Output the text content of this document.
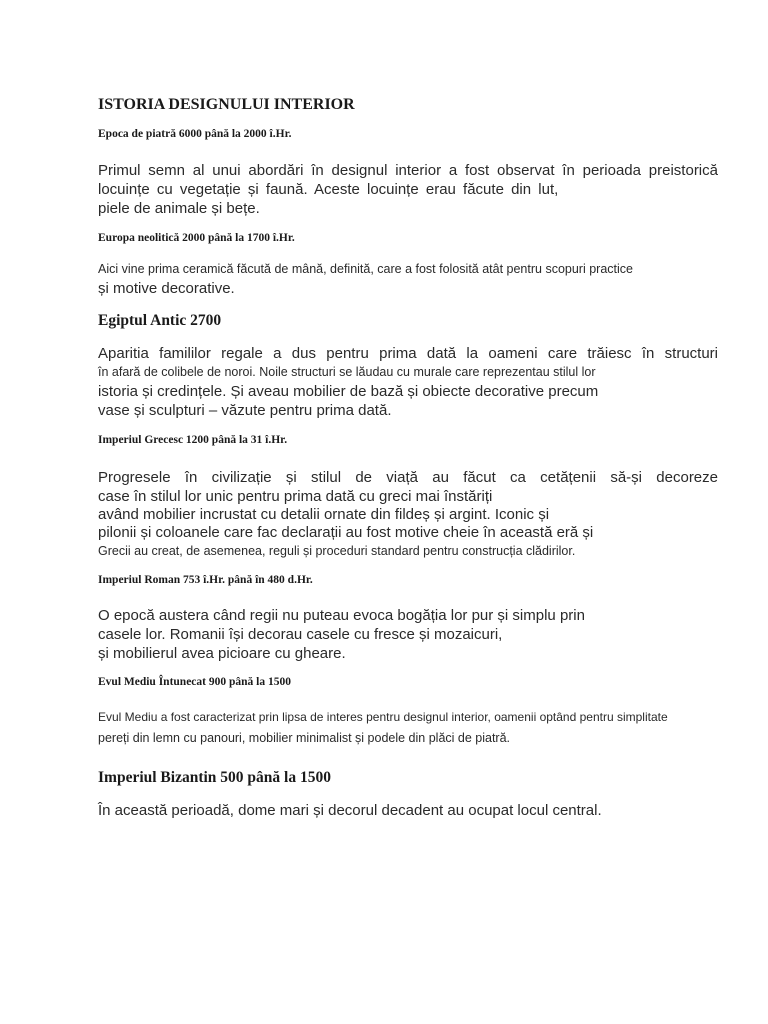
ISTORIA DESIGNULUI INTERIOR
Epoca de piatră 6000 până la 2000 î.Hr.

Primul semn al unui abordări în designul interior a fost observat în perioada preistorică
locuințe cu vegetație și faună. Aceste locuințe erau făcute din lut,
piele de animale și bețe.

Europa neolitică 2000 până la 1700 î.Hr.

Aici vine prima ceramică făcută de mână, definită, care a fost folosită atât pentru scopuri practice
și motive decorative.

Egiptul Antic 2700

Aparitia famililor regale a dus pentru prima dată la oameni care trăiesc în structuri
în afară de colibele de noroi. Noile structuri se lăudau cu murale care reprezentau stilul lor
istoria și credințele. Și aveau mobilier de bază și obiecte decorative precum
vase și sculpturi – văzute pentru prima dată.

Imperiul Grecesc 1200 până la 31 î.Hr.

Progresele în civilizație și stilul de viață au făcut ca cetățenii să-și decoreze
case în stilul lor unic pentru prima dată cu greci mai înstăriți
având mobilier incrustat cu detalii ornate din fildeș și argint. Iconic și
pilonii și coloanele care fac declarații au fost motive cheie în această eră și
Grecii au creat, de asemenea, reguli și proceduri standard pentru construcția clădirilor.

Imperiul Roman 753 î.Hr. până în 480 d.Hr.

O epocă austera când regii nu puteau evoca bogăția lor pur și simplu prin
casele lor. Romanii își decorau casele cu fresce și mozaicuri,
și mobilierul avea picioare cu gheare.

Evul Mediu Întunecat 900 până la 1500

Evul Mediu a fost caracterizat prin lipsa de interes pentru designul interior, oamenii optând pentru simplitate
pereți din lemn cu panouri, mobilier minimalist și podele din plăci de piatră.

Imperiul Bizantin 500 până la 1500

În această perioadă, dome mari și decorul decadent au ocupat locul central.
